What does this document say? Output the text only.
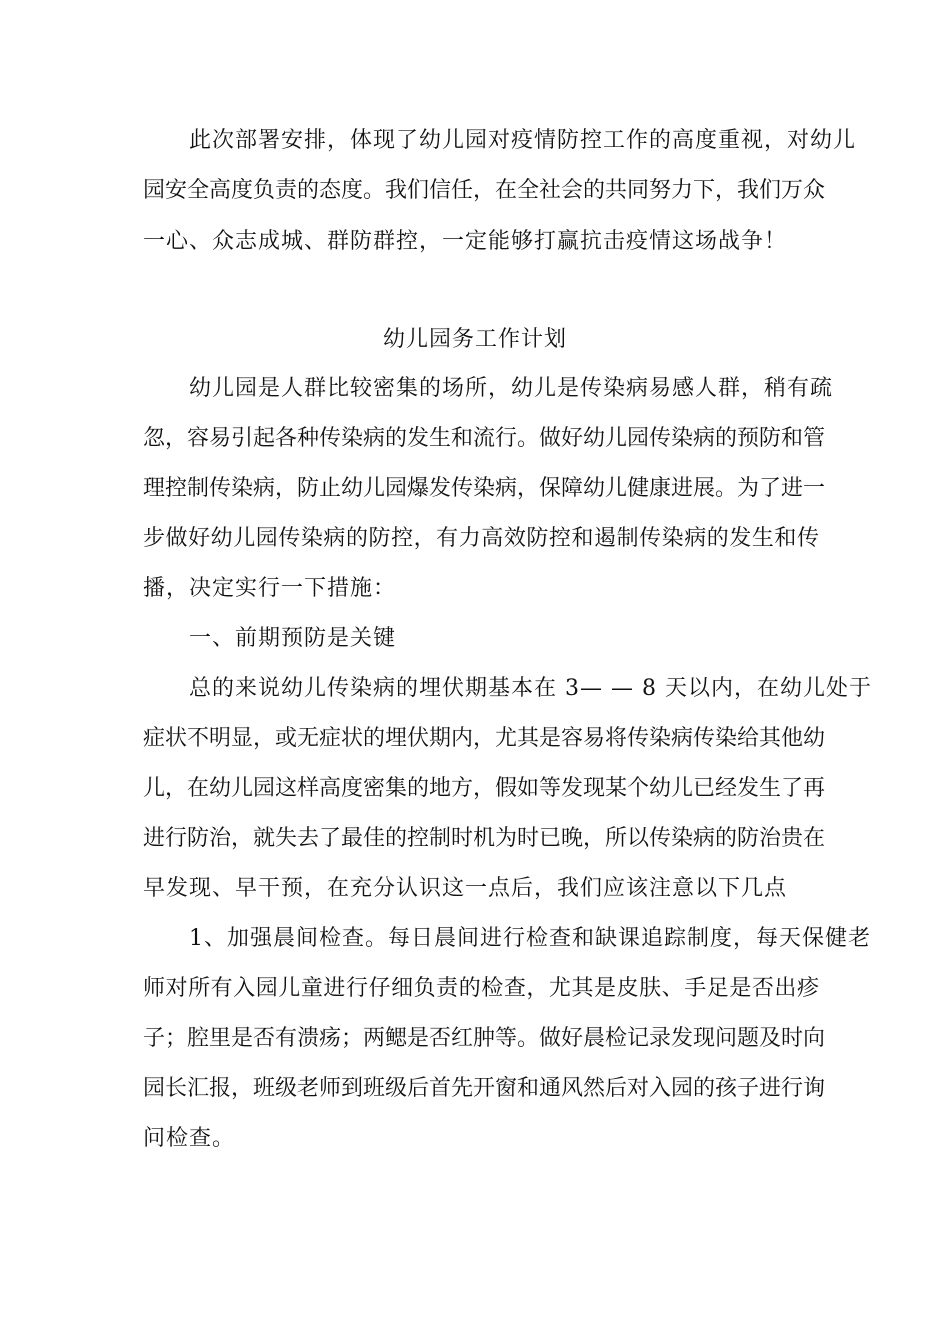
此次部署安排，体现了幼儿园对疫情防控工作的高度重视，对幼儿
园安全高度负责的态度。我们信任，在全社会的共同努力下，我们万众
一心、众志成城、群防群控，一定能够打赢抗击疫情这场战争！
幼儿园务工作计划
幼儿园是人群比较密集的场所，幼儿是传染病易感人群，稍有疏
忽，容易引起各种传染病的发生和流行。做好幼儿园传染病的预防和管
理控制传染病，防止幼儿园爆发传染病，保障幼儿健康进展。为了进一
步做好幼儿园传染病的防控，有力高效防控和遏制传染病的发生和传
播，决定实行一下措施：
一、前期预防是关键
总的来说幼儿传染病的埋伏期基本在 3— — 8 天以内，在幼儿处于
症状不明显，或无症状的埋伏期内，尤其是容易将传染病传染给其他幼
儿，在幼儿园这样高度密集的地方，假如等发现某个幼儿已经发生了再
进行防治，就失去了最佳的控制时机为时已晚，所以传染病的防治贵在
早发现、早干预，在充分认识这一点后，我们应该注意以下几点
1、加强晨间检查。每日晨间进行检查和缺课追踪制度，每天保健老
师对所有入园儿童进行仔细负责的检查，尤其是皮肤、手足是否出疹
子；腔里是否有溃疡；两鳃是否红肿等。做好晨检记录发现问题及时向
园长汇报，班级老师到班级后首先开窗和通风然后对入园的孩子进行询
问检查。
